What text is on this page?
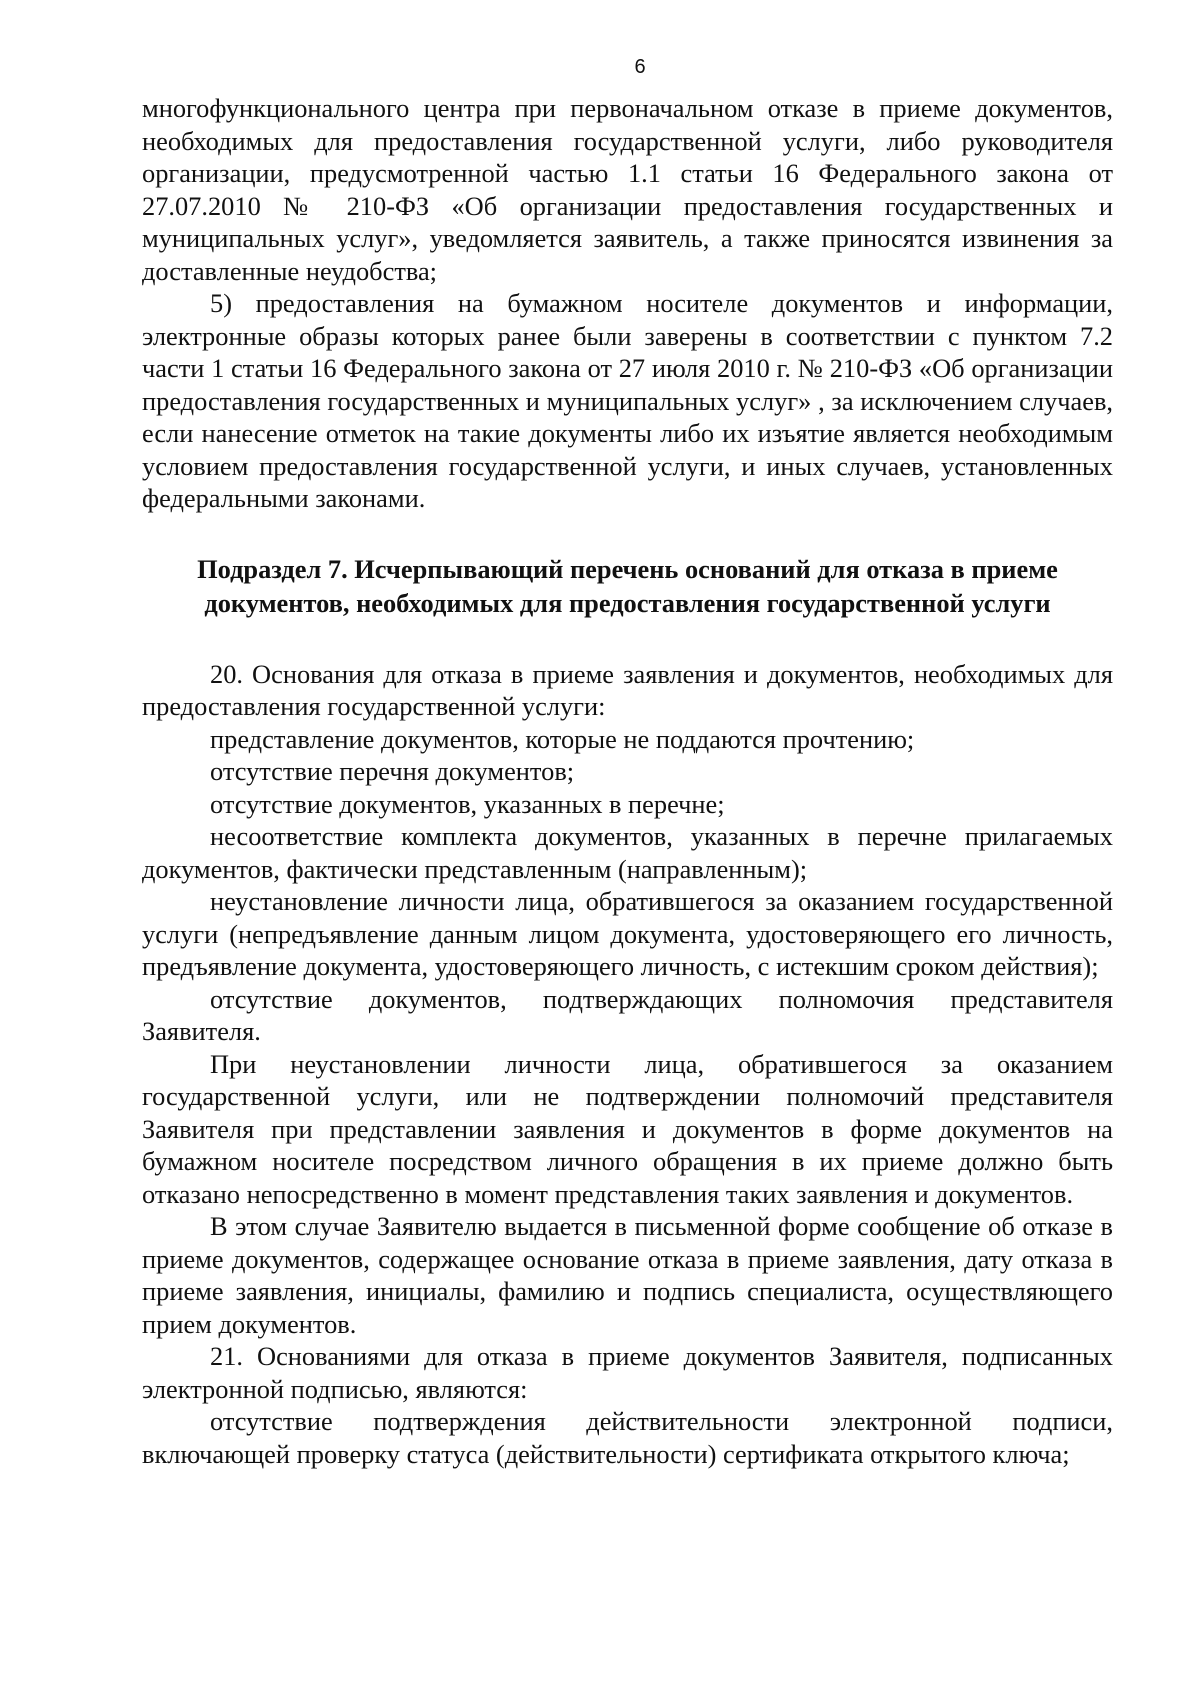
6

многофункционального центра при первоначальном отказе в приеме документов, необходимых для предоставления государственной услуги, либо руководителя организации, предусмотренной частью 1.1 статьи 16 Федерального закона от 27.07.2010 № 210-ФЗ «Об организации предоставления государственных и муниципальных услуг», уведомляется заявитель, а также приносятся извинения за доставленные неудобства;

5) предоставления на бумажном носителе документов и информации, электронные образы которых ранее были заверены в соответствии с пунктом 7.2 части 1 статьи 16 Федерального закона от 27 июля 2010 г. № 210-ФЗ «Об организации предоставления государственных и муниципальных услуг» , за исключением случаев, если нанесение отметок на такие документы либо их изъятие является необходимым условием предоставления государственной услуги, и иных случаев, установленных федеральными законами.

Подраздел 7. Исчерпывающий перечень оснований для отказа в приеме документов, необходимых для предоставления государственной услуги

20. Основания для отказа в приеме заявления и документов, необходимых для предоставления государственной услуги:

представление документов, которые не поддаются прочтению;

отсутствие перечня документов;

отсутствие документов, указанных в перечне;

несоответствие комплекта документов, указанных в перечне прилагаемых документов, фактически представленным (направленным);

неустановление личности лица, обратившегося за оказанием государственной услуги (непредъявление данным лицом документа, удостоверяющего его личность, предъявление документа, удостоверяющего личность, с истекшим сроком действия);

отсутствие документов, подтверждающих полномочия представителя Заявителя.

При неустановлении личности лица, обратившегося за оказанием государственной услуги, или не подтверждении полномочий представителя Заявителя при представлении заявления и документов в форме документов на бумажном носителе посредством личного обращения в их приеме должно быть отказано непосредственно в момент представления таких заявления и документов.

В этом случае Заявителю выдается в письменной форме сообщение об отказе в приеме документов, содержащее основание отказа в приеме заявления, дату отказа в приеме заявления, инициалы, фамилию и подпись специалиста, осуществляющего прием документов.

21. Основаниями для отказа в приеме документов Заявителя, подписанных электронной подписью, являются:

отсутствие подтверждения действительности электронной подписи, включающей проверку статуса (действительности) сертификата открытого ключа;
